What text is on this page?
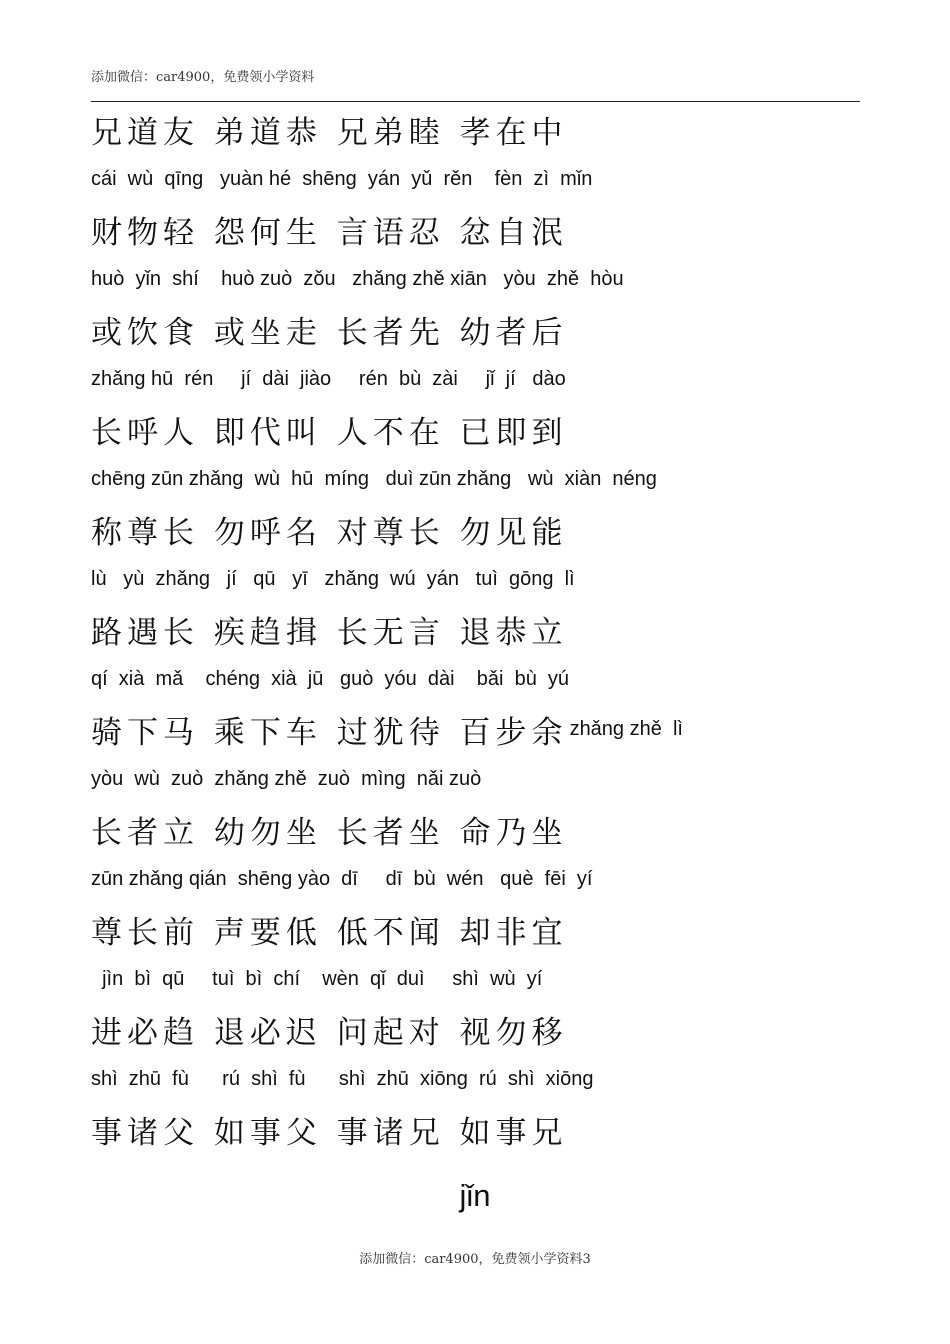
添加微信：car4900，免费领小学资料
兄道友 弟道恭 兄弟睦 孝在中
cái  wù  qīng   yuàn hé  shēng  yán  yǔ  rěn    fèn  zì  mǐn
财物轻 怨何生 言语忍 忿自泯
huò  yǐn  shí    huò zuò  zǒu   zhǎng zhě xiān   yòu  zhě  hòu
或饮食 或坐走 长者先 幼者后
zhǎng hū  rén     jí  dài  jiào     rén  bù  zài     jǐ  jí   dào
长呼人 即代叫 人不在 已即到
chēng zūn zhǎng  wù  hū  míng   duì zūn zhǎng   wù  xiàn  néng
称尊长 勿呼名 对尊长 勿见能
lù   yù  zhǎng   jí   qū   yī   zhǎng  wú  yán   tuì  gōng  lì
路遇长 疾趋揖 长无言 退恭立
qí  xià  mǎ    chéng  xià  jū   guò  yóu  dài    bǎi  bù  yú
骑下马 乘下车 过犹待 百步余 zhǎng zhě  lì
yòu  wù  zuò  zhǎng zhě  zuò  mìng  nǎi zuò
长者立 幼勿坐 长者坐 命乃坐
zūn zhǎng qián  shēng yào  dī     dī  bù  wén   què  fēi  yí
尊长前 声要低 低不闻 却非宜
jìn  bì  qū     tuì  bì  chí    wèn  qǐ  duì     shì  wù  yí
进必趋 退必迟 问起对 视勿移
shì  zhū  fù      rú  shì  fù      shì  zhū  xiōng  rú  shì  xiōng
事诸父 如事父 事诸兄 如事兄
jǐn
添加微信：car4900，免费领小学资料3
